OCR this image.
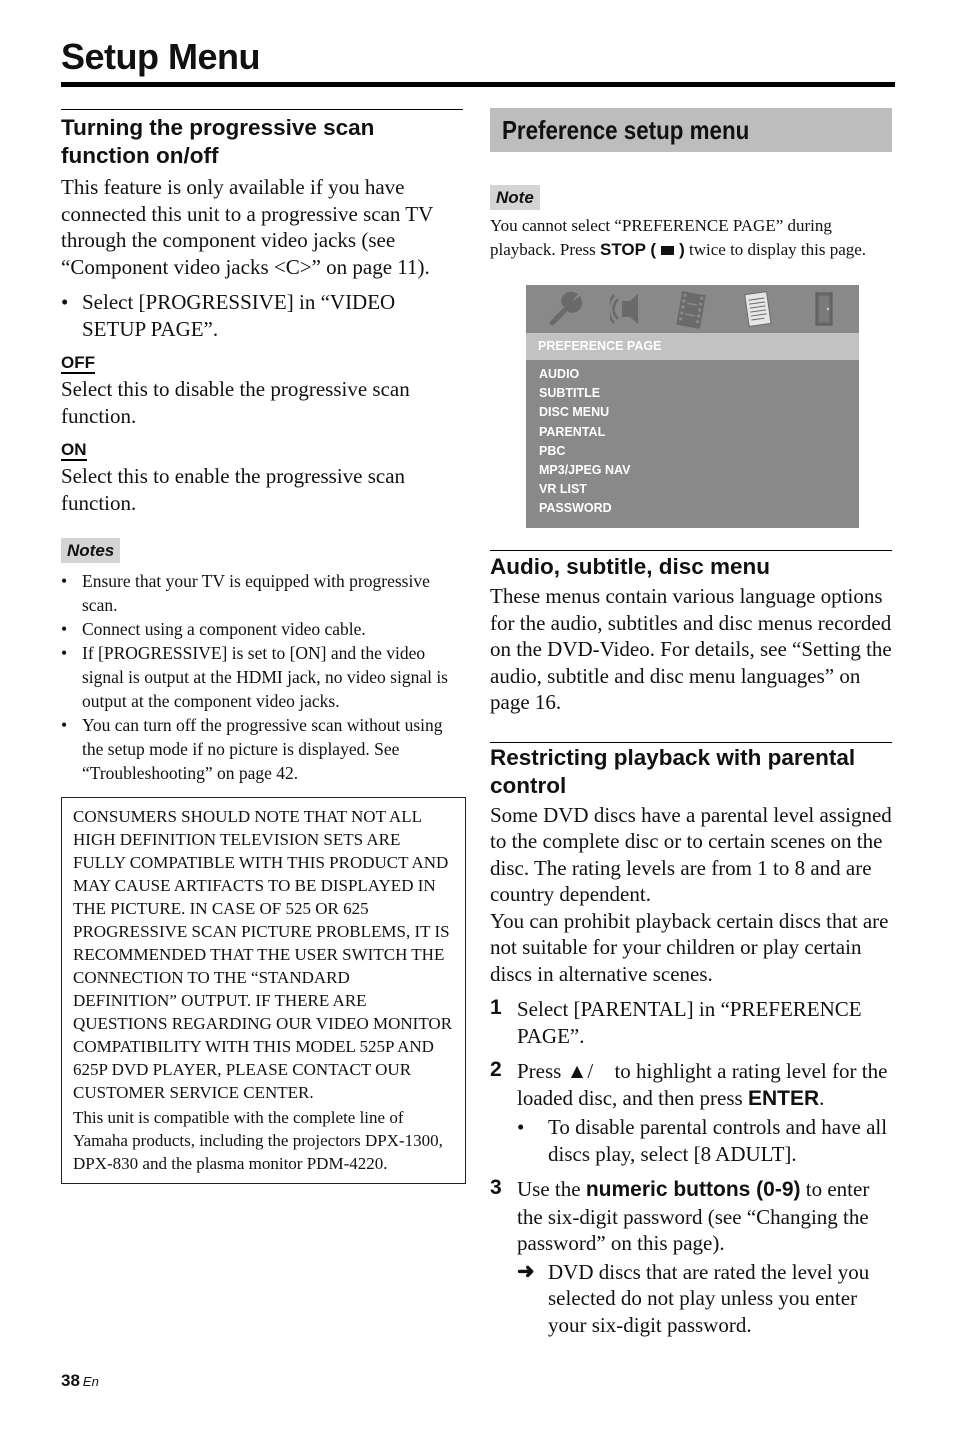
Setup Menu
Turning the progressive scan function on/off

This feature is only available if you have connected this unit to a progressive scan TV through the component video jacks (see “Component video jacks <C>” on page 11).

• Select [PROGRESSIVE] in “VIDEO SETUP PAGE”.

OFF

Select this to disable the progressive scan function.

ON

Select this to enable the progressive scan function.

Notes

• Ensure that your TV is equipped with progressive scan.

• Connect using a component video cable.

• If [PROGRESSIVE] is set to [ON] and the video signal is output at the HDMI jack, no video signal is output at the component video jacks.

• You can turn off the progressive scan without using the setup mode if no picture is displayed. See “Troubleshooting” on page 42.

CONSUMERS SHOULD NOTE THAT NOT ALL HIGH DEFINITION TELEVISION SETS ARE FULLY COMPATIBLE WITH THIS PRODUCT AND MAY CAUSE ARTIFACTS TO BE DISPLAYED IN THE PICTURE. IN CASE OF 525 OR 625 PROGRESSIVE SCAN PICTURE PROBLEMS, IT IS RECOMMENDED THAT THE USER SWITCH THE CONNECTION TO THE “STANDARD DEFINITION” OUTPUT. IF THERE ARE QUESTIONS REGARDING OUR VIDEO MONITOR COMPATIBILITY WITH THIS MODEL 525P AND 625P DVD PLAYER, PLEASE CONTACT OUR CUSTOMER SERVICE CENTER.

This unit is compatible with the complete line of Yamaha products, including the projectors DPX-1300, DPX-830 and the plasma monitor PDM-4220.

Preference setup menu
Note

You cannot select “PREFERENCE PAGE” during playback. Press STOP ( ) twice to display this page.

PREFERENCE PAGE
AUDIO
SUBTITLE
DISC MENU
PARENTAL
PBC
MP3/JPEG NAV
VR LIST
PASSWORD
Audio, subtitle, disc menu

These menus contain various language options for the audio, subtitles and disc menus recorded on the DVD-Video. For details, see “Setting the audio, subtitle and disc menu languages” on page 16.

Restricting playback with parental control

Some DVD discs have a parental level assigned to the complete disc or to certain scenes on the disc. The rating levels are from 1 to 8 and are country dependent.

You can prohibit playback certain discs that are not suitable for your children or play certain discs in alternative scenes.

1 Select [PARENTAL] in “PREFERENCE PAGE”.
2 Press ▲/ to highlight a rating level for the loaded disc, and then press ENTER.
• To disable parental controls and have all discs play, select [8 ADULT].
3 Use the numeric buttons (0-9) to enter the six-digit password (see “Changing the password” on this page).
➜ DVD discs that are rated the level you selected do not play unless you enter your six-digit password.
38 En
